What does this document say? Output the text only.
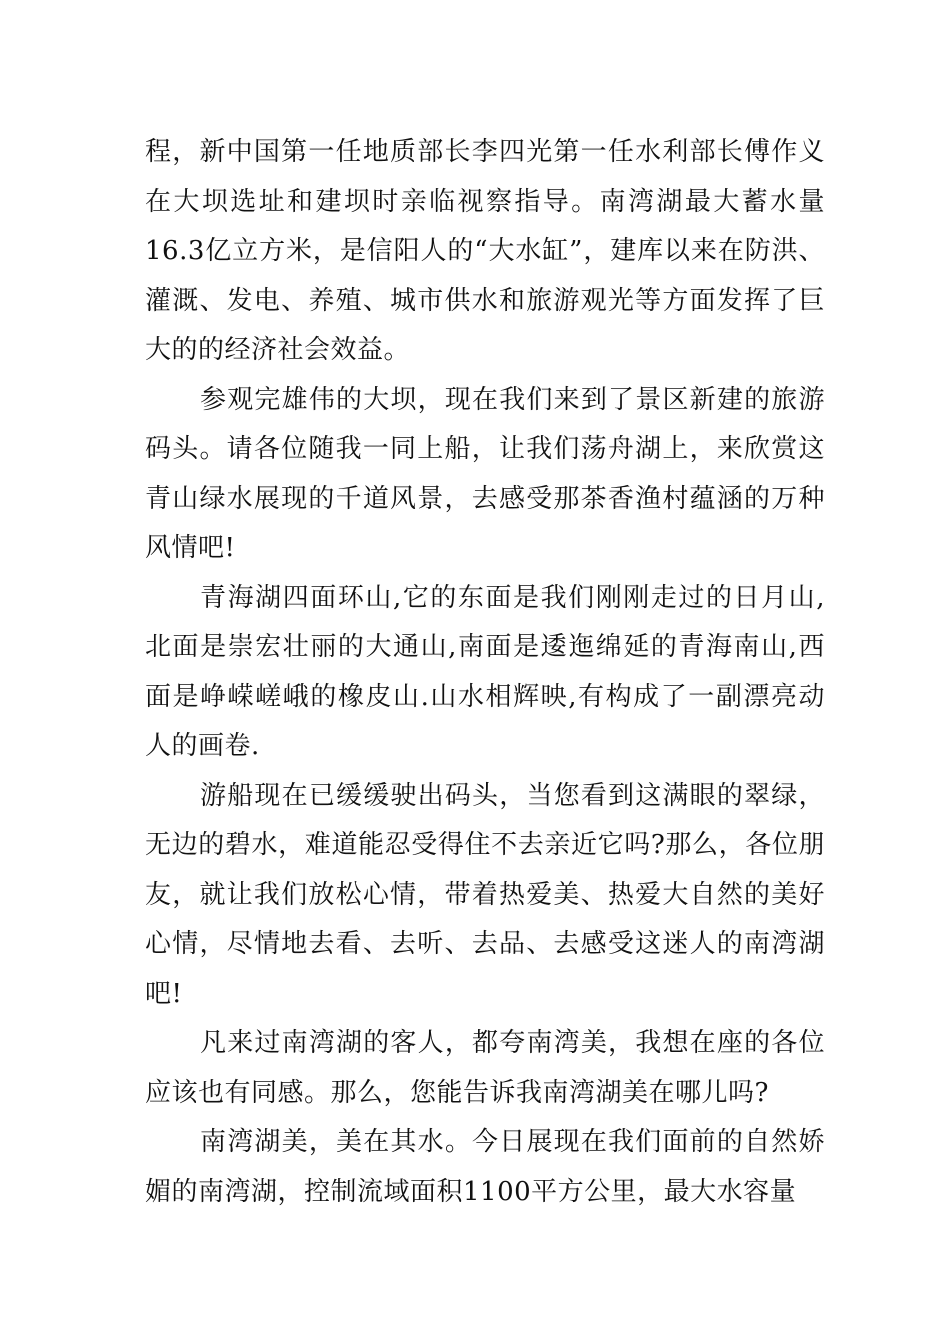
程，新中国第一任地质部长李四光第一任水利部长傅作义在大坝选址和建坝时亲临视察指导。南湾湖最大蓄水量16.3亿立方米，是信阳人的“大水缸”，建库以来在防洪、灌溉、发电、养殖、城市供水和旅游观光等方面发挥了巨大的的经济社会效益。

参观完雄伟的大坝，现在我们来到了景区新建的旅游码头。请各位随我一同上船，让我们荡舟湖上，来欣赏这青山绿水展现的千道风景，去感受那茶香渔村蕴涵的万种风情吧!

青海湖四面环山,它的东面是我们刚刚走过的日月山,北面是崇宏壮丽的大通山,南面是逶迤绵延的青海南山,西面是峥嵘嵯峨的橡皮山.山水相辉映,有构成了一副漂亮动人的画卷.

游船现在已缓缓驶出码头，当您看到这满眼的翠绿，无边的碧水，难道能忍受得住不去亲近它吗?那么，各位朋友，就让我们放松心情，带着热爱美、热爱大自然的美好心情，尽情地去看、去听、去品、去感受这迷人的南湾湖吧!

凡来过南湾湖的客人，都夸南湾美，我想在座的各位应该也有同感。那么，您能告诉我南湾湖美在哪儿吗?

南湾湖美，美在其水。今日展现在我们面前的自然娇媚的南湾湖，控制流域面积1100平方公里，最大水容量
